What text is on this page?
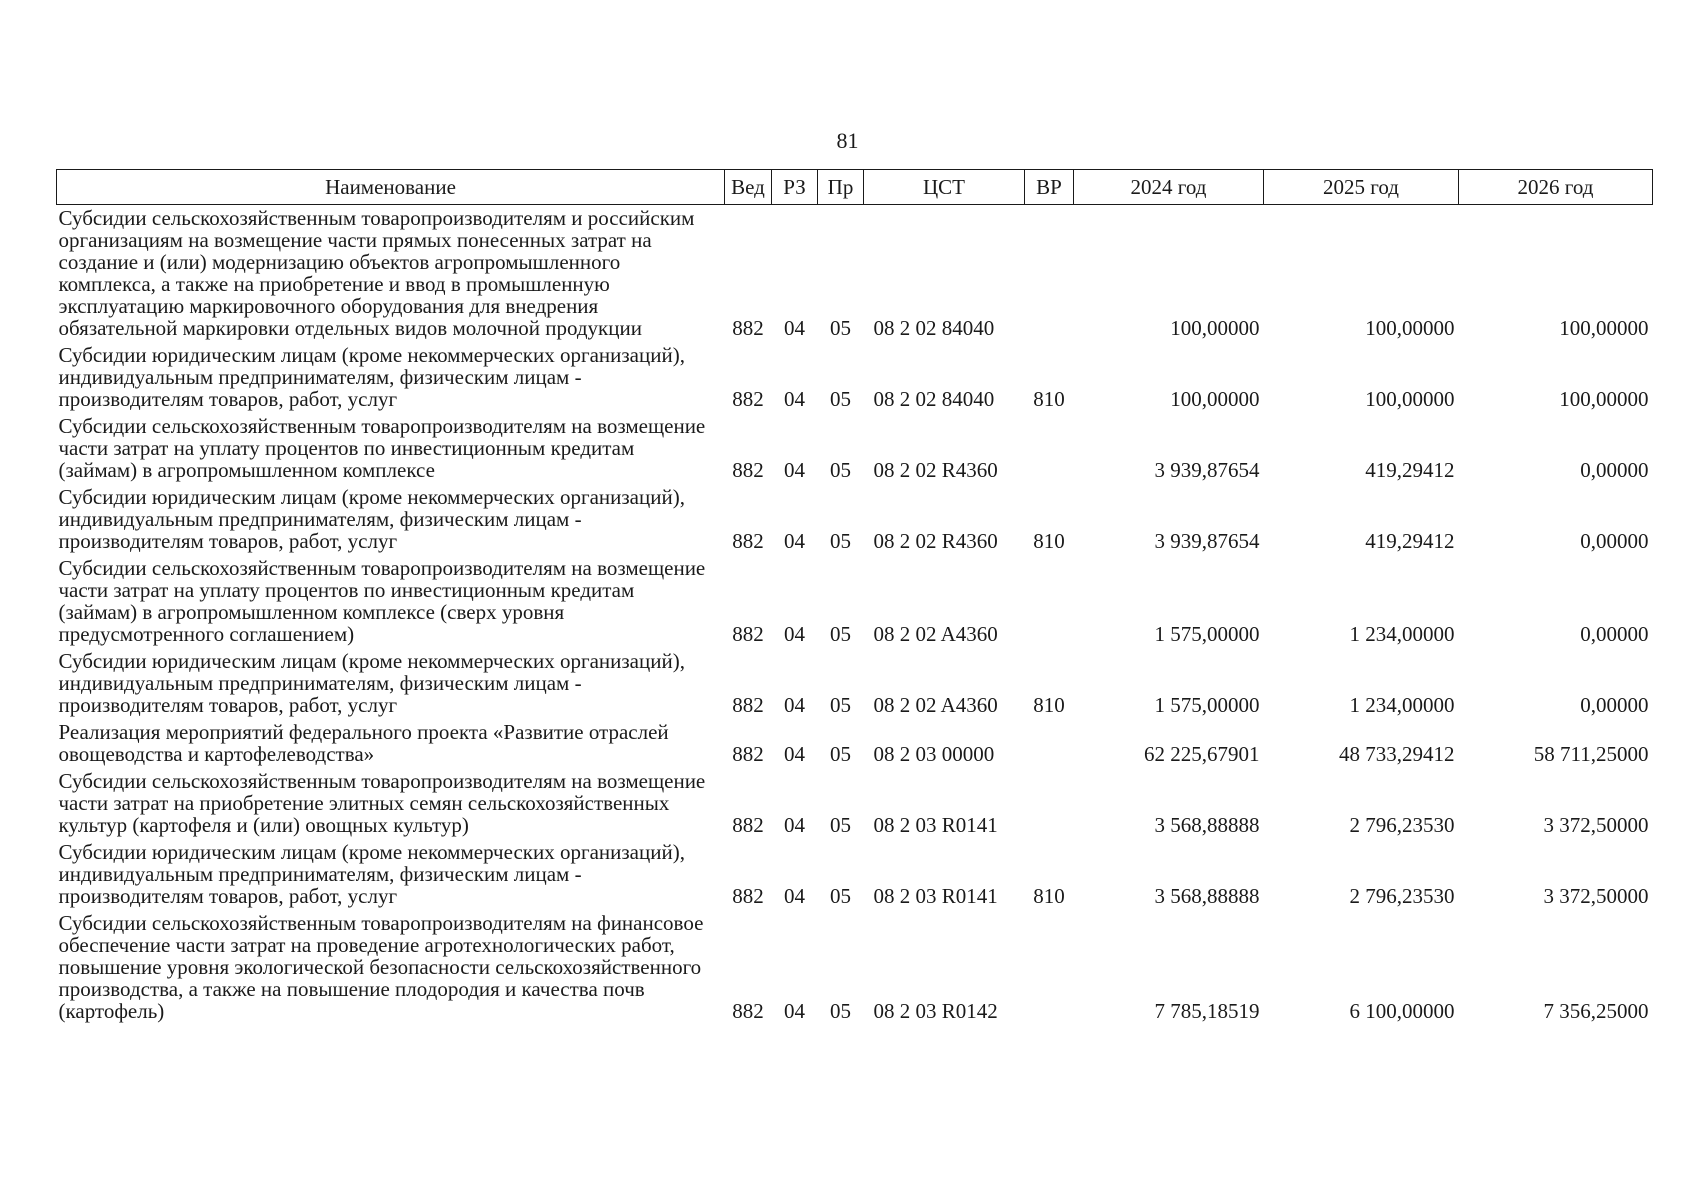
81
Наименование	Вед	РЗ	Пр	ЦСТ	ВР	2024 год	2025 год	2026 год
Субсидии сельскохозяйственным товаропроизводителям и российским организациям на возмещение части прямых понесенных затрат на создание и (или) модернизацию объектов агропромышленного комплекса, а также на приобретение и ввод в промышленную эксплуатацию маркировочного оборудования для внедрения обязательной маркировки отдельных видов молочной продукции	882	04	05	08 2 02 84040		100,00000	100,00000	100,00000
Субсидии юридическим лицам (кроме некоммерческих организаций), индивидуальным предпринимателям, физическим лицам - производителям товаров, работ, услуг	882	04	05	08 2 02 84040	810	100,00000	100,00000	100,00000
Субсидии сельскохозяйственным товаропроизводителям на возмещение части затрат на уплату процентов по инвестиционным кредитам (займам) в агропромышленном комплексе	882	04	05	08 2 02 R4360		3 939,87654	419,29412	0,00000
Субсидии юридическим лицам (кроме некоммерческих организаций), индивидуальным предпринимателям, физическим лицам - производителям товаров, работ, услуг	882	04	05	08 2 02 R4360	810	3 939,87654	419,29412	0,00000
Субсидии сельскохозяйственным товаропроизводителям на возмещение части затрат на уплату процентов по инвестиционным кредитам (займам) в агропромышленном комплексе (сверх уровня предусмотренного соглашением)	882	04	05	08 2 02 A4360		1 575,00000	1 234,00000	0,00000
Субсидии юридическим лицам (кроме некоммерческих организаций), индивидуальным предпринимателям, физическим лицам - производителям товаров, работ, услуг	882	04	05	08 2 02 A4360	810	1 575,00000	1 234,00000	0,00000
Реализация мероприятий федерального проекта «Развитие отраслей овощеводства и картофелеводства»	882	04	05	08 2 03 00000		62 225,67901	48 733,29412	58 711,25000
Субсидии сельскохозяйственным товаропроизводителям на возмещение части затрат на приобретение элитных семян сельскохозяйственных культур (картофеля и (или) овощных культур)	882	04	05	08 2 03 R0141		3 568,88888	2 796,23530	3 372,50000
Субсидии юридическим лицам (кроме некоммерческих организаций), индивидуальным предпринимателям, физическим лицам - производителям товаров, работ, услуг	882	04	05	08 2 03 R0141	810	3 568,88888	2 796,23530	3 372,50000
Субсидии сельскохозяйственным товаропроизводителям на финансовое обеспечение части затрат на проведение агротехнологических работ, повышение уровня экологической безопасности сельскохозяйственного производства, а также на повышение плодородия и качества почв (картофель)	882	04	05	08 2 03 R0142		7 785,18519	6 100,00000	7 356,25000
